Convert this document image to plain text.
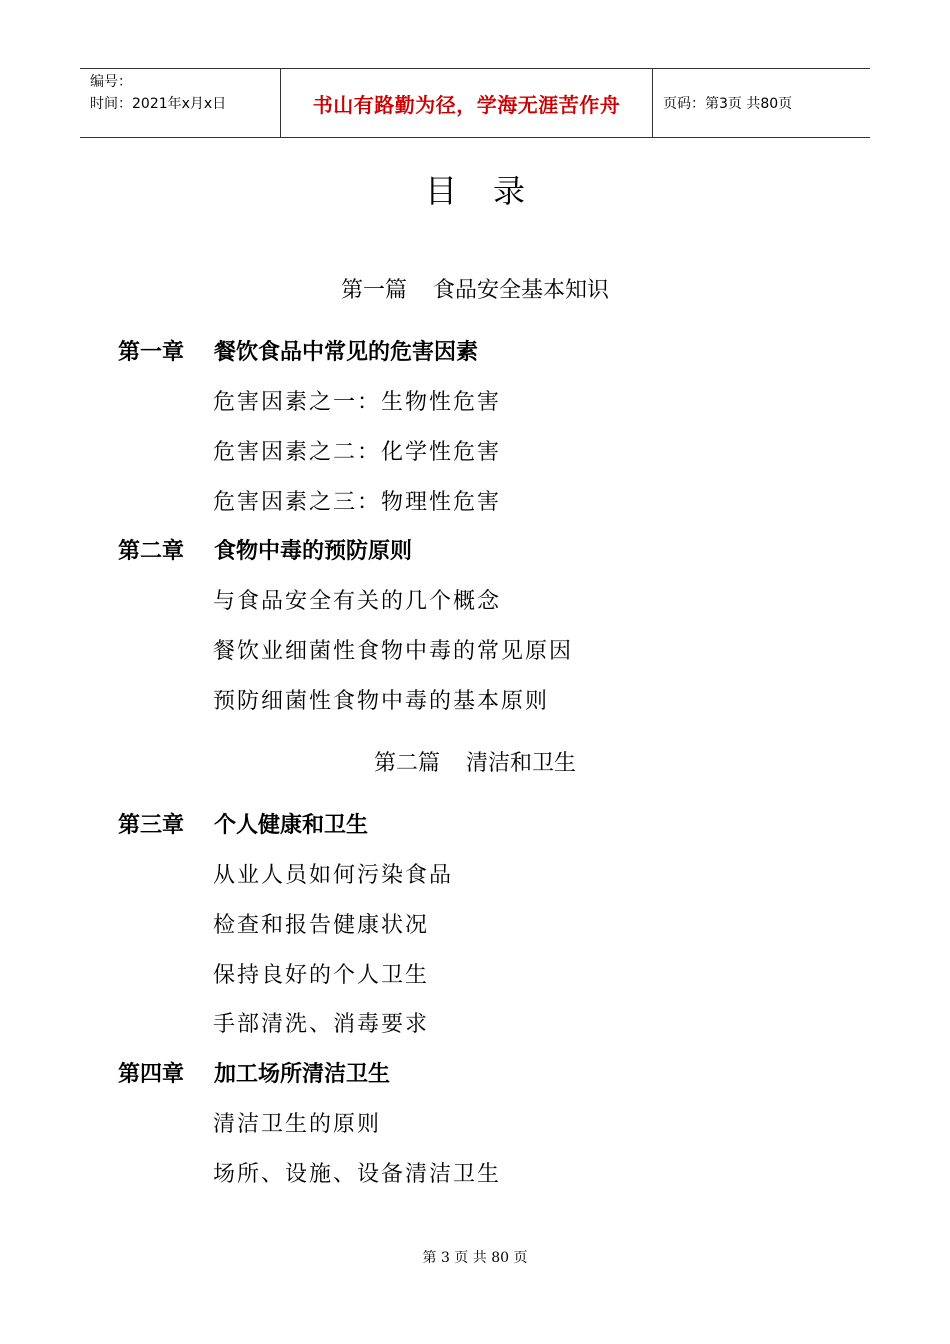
编号：
时间：2021年x月x日	书山有路勤为径，学海无涯苦作舟	页码：第3页 共80页
目 录
第一篇 食品安全基本知识
第一章 餐饮食品中常见的危害因素
危害因素之一：生物性危害
危害因素之二：化学性危害
危害因素之三：物理性危害
第二章 食物中毒的预防原则
与食品安全有关的几个概念
餐饮业细菌性食物中毒的常见原因
预防细菌性食物中毒的基本原则
第二篇 清洁和卫生
第三章 个人健康和卫生
从业人员如何污染食品
检查和报告健康状况
保持良好的个人卫生
手部清洗、消毒要求
第四章 加工场所清洁卫生
清洁卫生的原则
场所、设施、设备清洁卫生
第 3 页 共 80 页
